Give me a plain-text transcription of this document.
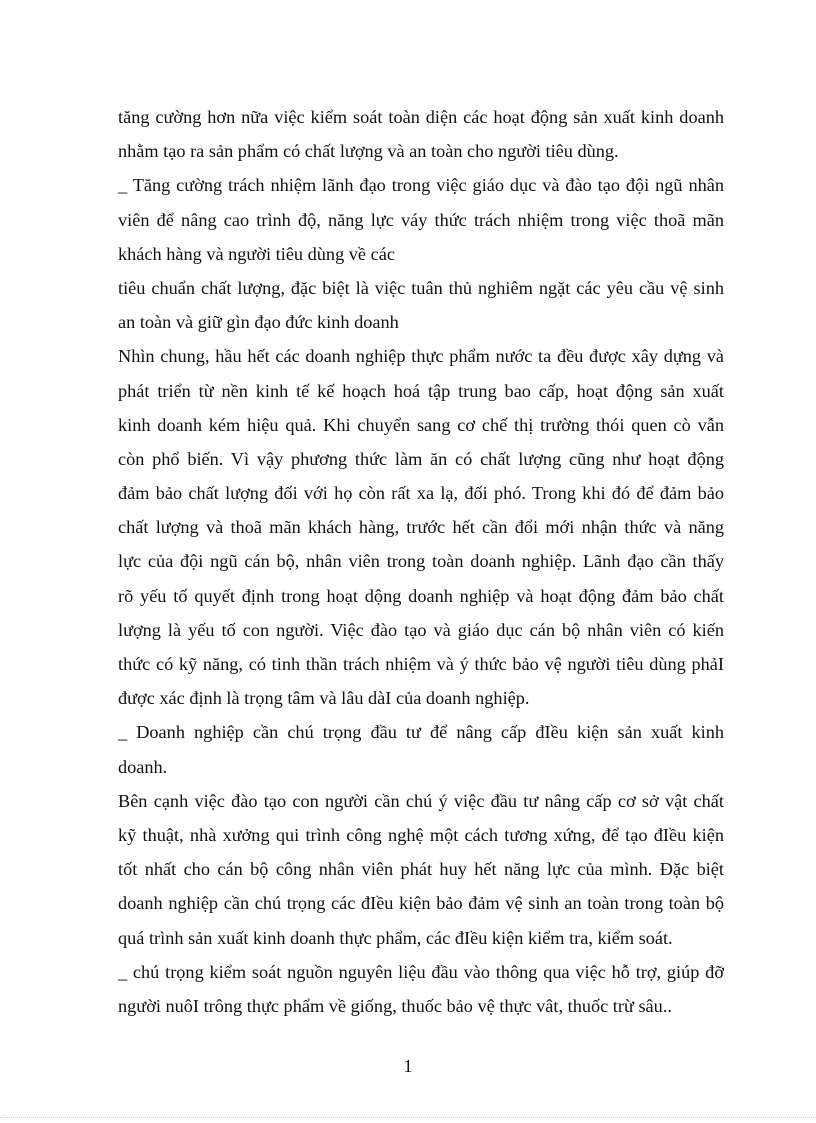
tăng cường hơn nữa việc kiểm soát toàn diện các hoạt động sản xuất kinh doanh
nhằm tạo ra sản phẩm có chất lượng và an toàn cho người tiêu dùng.
_ Tăng cường trách nhiệm lãnh đạo trong việc giáo dục và đào tạo đội ngũ nhân
viên để nâng cao trình độ, năng lực váy thức trách nhiệm trong việc thoã mãn
khách hàng và người tiêu dùng về các
tiêu chuẩn chất lượng, đặc biệt là việc tuân thủ nghiêm ngặt các yêu cầu vệ sinh
an toàn và giữ gìn đạo đức kinh doanh
Nhìn chung, hầu hết các doanh nghiệp thực phẩm nước ta đều được xây dựng và
phát triển từ nền kinh tế kế hoạch hoá tập trung bao cấp, hoạt động sản xuất
kinh doanh kém hiệu quả. Khi chuyển sang cơ chế thị trường thói quen cò vẫn
còn phổ biến. Vì vậy phương thức làm ăn có chất lượng cũng như hoạt động
đảm bảo chất lượng đối với họ còn rất xa lạ, đối phó. Trong khi đó để đảm bảo
chất lượng và thoã mãn khách hàng, trước hết cần đổi mới nhận thức và năng
lực của đội ngũ cán bộ, nhân viên trong toàn doanh nghiệp. Lãnh đạo cần thấy
rõ yếu tố quyết định trong hoạt dộng doanh nghiệp và hoạt động đảm bảo chất
lượng là yếu tố con người. Việc đào tạo và giáo dục cán bộ nhân viên có kiến
thức có kỹ năng, có tinh thần trách nhiệm và ý thức bảo vệ người tiêu dùng phảI
được xác định là trọng tâm và lâu dàI của doanh nghiệp.
_ Doanh nghiệp cần chú trọng đầu tư để nâng cấp đIều kiện sản xuất kinh
doanh.
Bên cạnh việc đào tạo con người cần chú ý việc đầu tư nâng cấp cơ sở vật chất
kỹ thuật, nhà xưởng qui trình công nghệ một cách tương xứng, để tạo đIều kiện
tốt nhất cho cán bộ công nhân viên phát huy hết năng lực của mình. Đặc biệt
doanh nghiệp cần chú trọng các đIều kiện bảo đảm vệ sinh an toàn trong toàn bộ
quá trình sản xuất kinh doanh thực phẩm, các đIều kiện kiểm tra, kiểm soát.
_ chú trọng kiểm soát nguồn nguyên liệu đầu vào thông qua việc hỗ trợ, giúp đỡ
người nuôI trông thực phẩm về giống, thuốc bảo vệ thực vât, thuốc trừ sâu..
1
